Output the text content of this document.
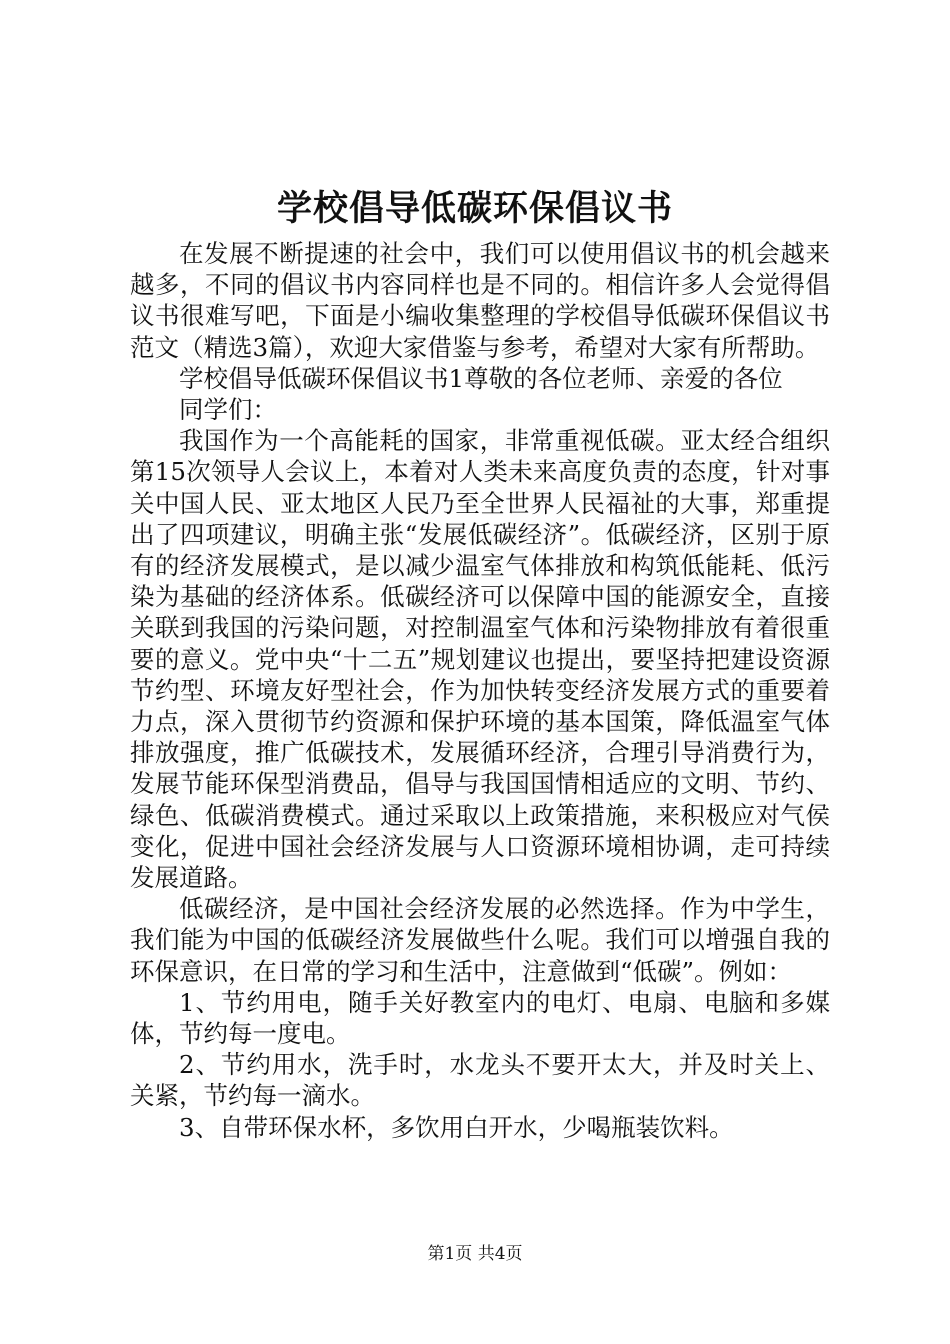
学校倡导低碳环保倡议书

在发展不断提速的社会中，我们可以使用倡议书的机会越来越多，不同的倡议书内容同样也是不同的。相信许多人会觉得倡议书很难写吧，下面是小编收集整理的学校倡导低碳环保倡议书范文（精选3篇），欢迎大家借鉴与参考，希望对大家有所帮助。

学校倡导低碳环保倡议书1尊敬的各位老师、亲爱的各位

同学们：

我国作为一个高能耗的国家，非常重视低碳。亚太经合组织第15次领导人会议上，本着对人类未来高度负责的态度，针对事关中国人民、亚太地区人民乃至全世界人民福祉的大事，郑重提出了四项建议，明确主张“发展低碳经济”。低碳经济，区别于原有的经济发展模式，是以减少温室气体排放和构筑低能耗、低污染为基础的经济体系。低碳经济可以保障中国的能源安全，直接关联到我国的污染问题，对控制温室气体和污染物排放有着很重要的意义。党中央“十二五”规划建议也提出，要坚持把建设资源节约型、环境友好型社会，作为加快转变经济发展方式的重要着力点，深入贯彻节约资源和保护环境的基本国策，降低温室气体排放强度，推广低碳技术，发展循环经济，合理引导消费行为，发展节能环保型消费品，倡导与我国国情相适应的文明、节约、绿色、低碳消费模式。通过采取以上政策措施，来积极应对气侯变化，促进中国社会经济发展与人口资源环境相协调，走可持续发展道路。

低碳经济，是中国社会经济发展的必然选择。作为中学生，我们能为中国的低碳经济发展做些什么呢。我们可以增强自我的环保意识，在日常的学习和生活中，注意做到“低碳”。例如：

1、节约用电，随手关好教室内的电灯、电扇、电脑和多媒体，节约每一度电。

2、节约用水，洗手时，水龙头不要开太大，并及时关上、关紧，节约每一滴水。

3、自带环保水杯，多饮用白开水，少喝瓶装饮料。

第1页 共4页
